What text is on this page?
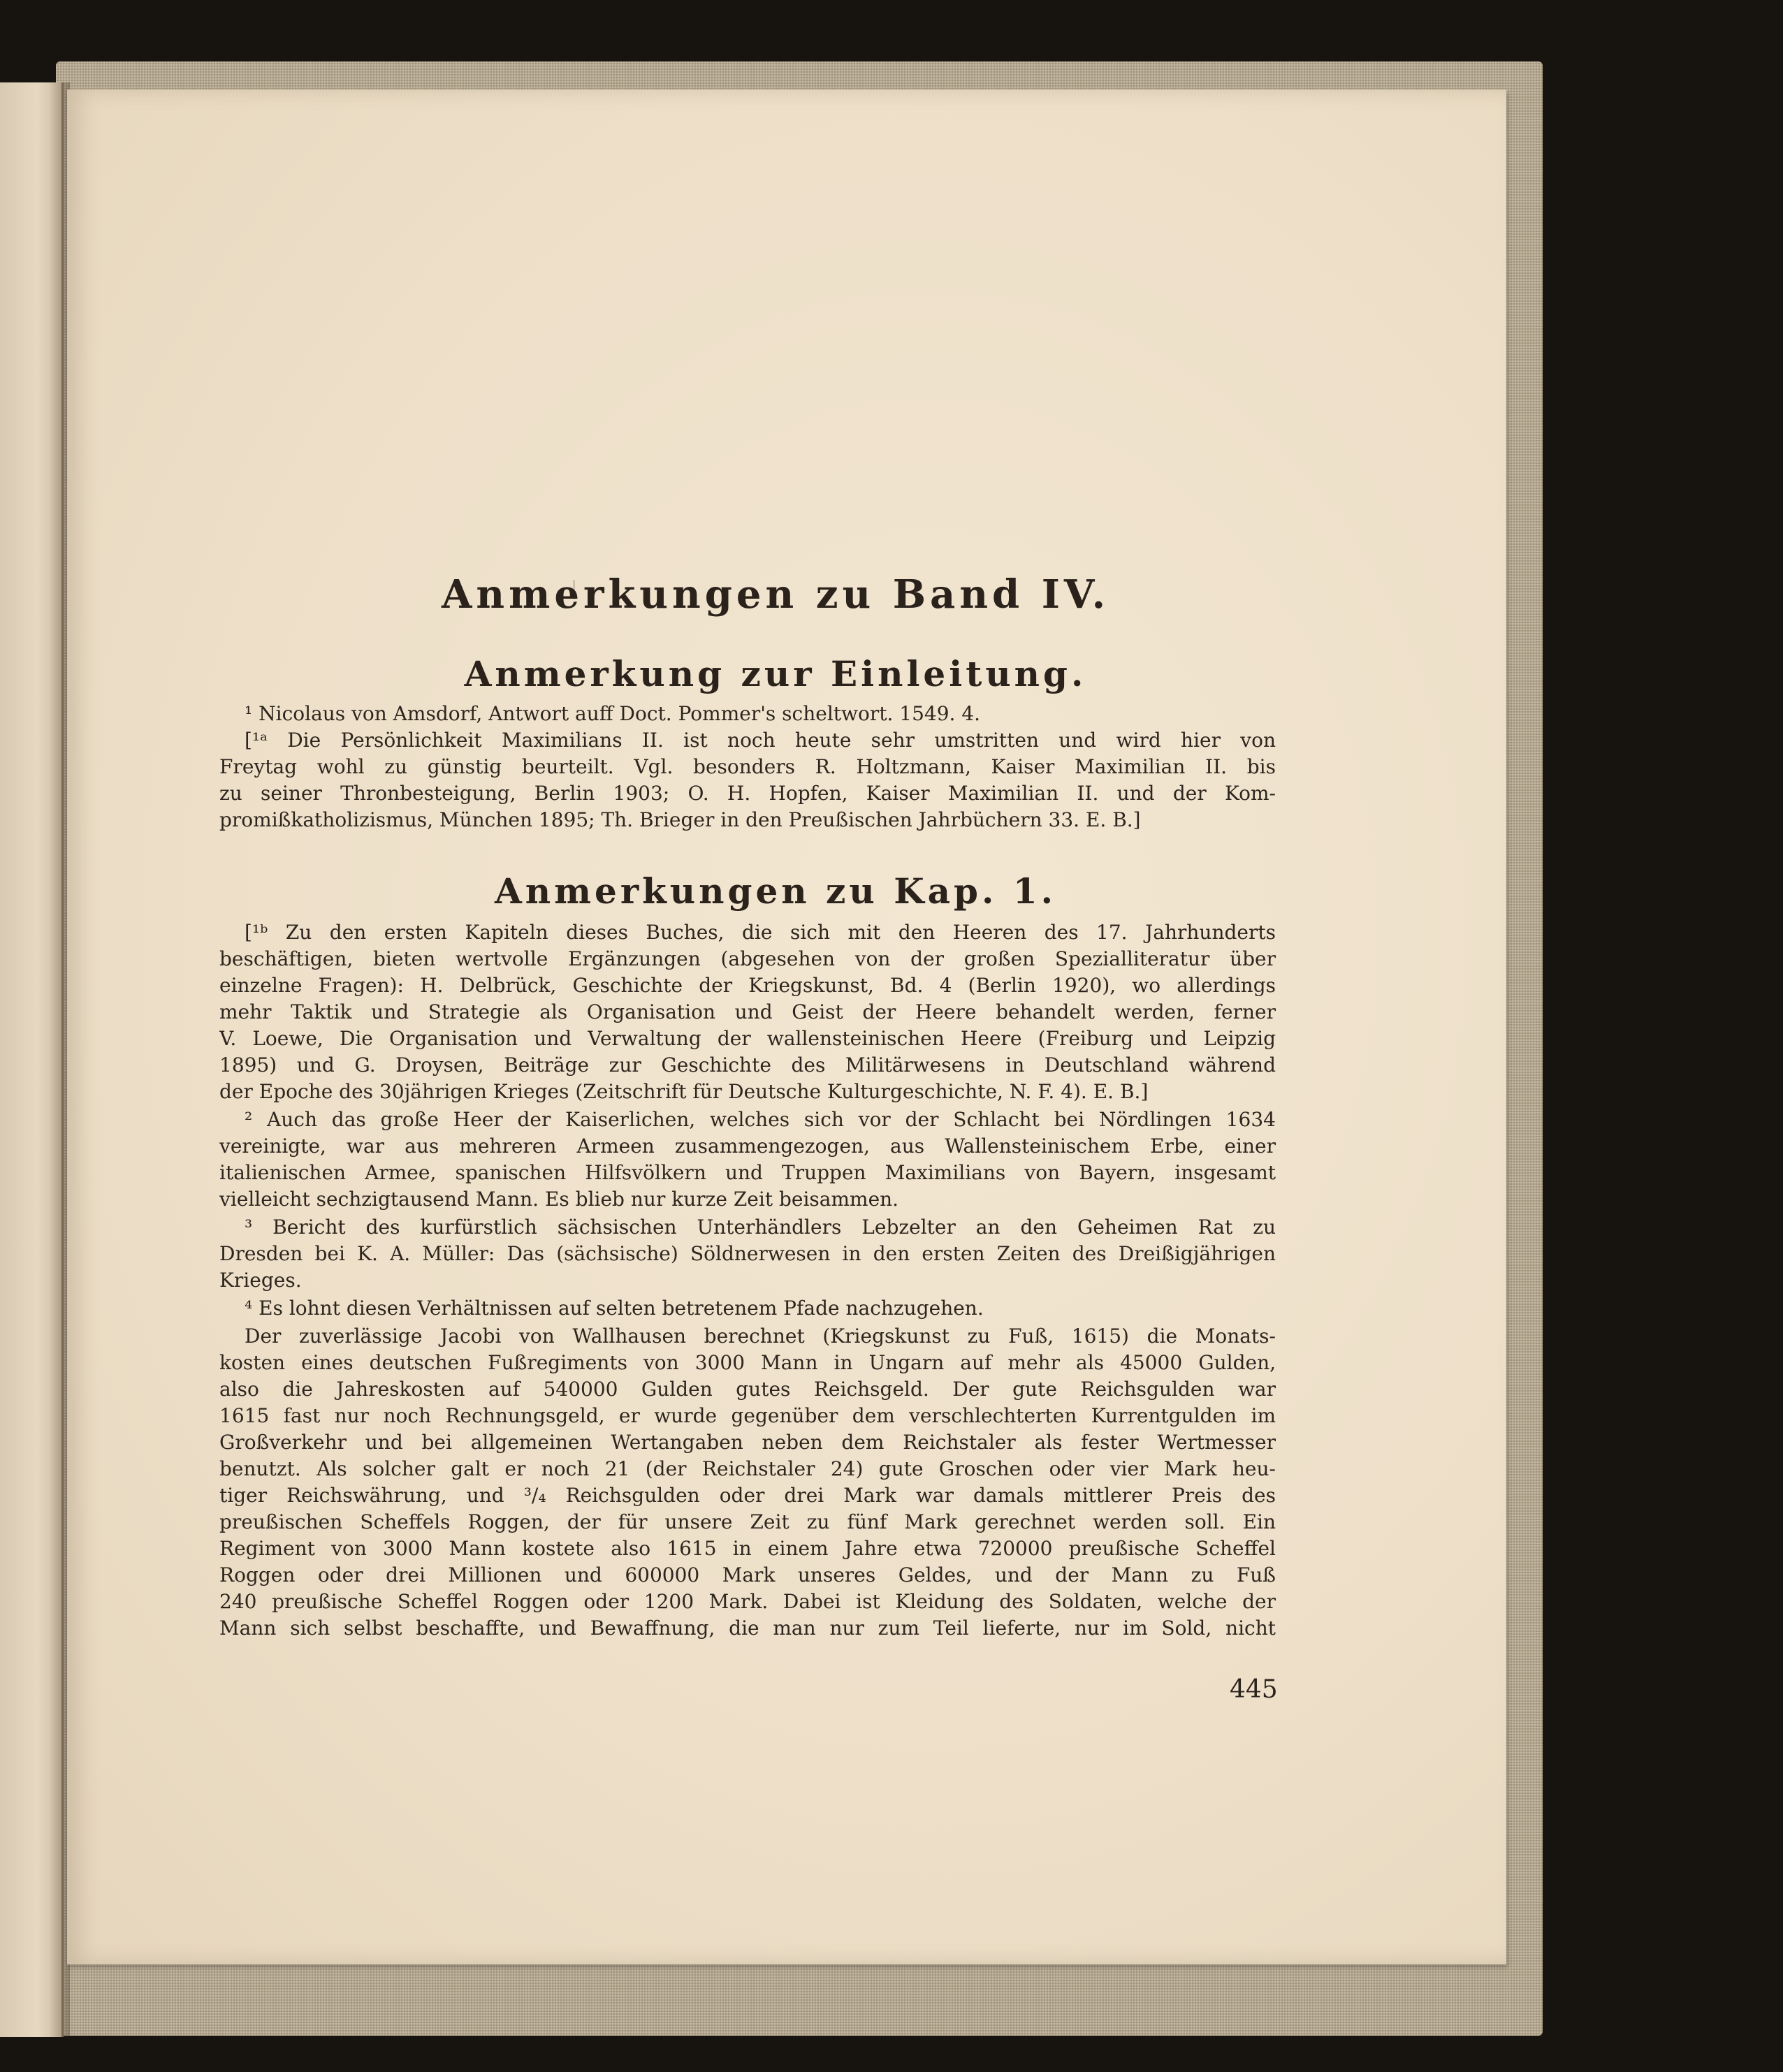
Anmerkungen zu Band IV.
Anmerkung zur Einleitung.
¹ Nicolaus von Amsdorf, Antwort auff Doct. Pommer's scheltwort. 1549. 4.
[¹ᵃ Die Persönlichkeit Maximilians II. ist noch heute sehr umstritten und wird hier von
Freytag wohl zu günstig beurteilt. Vgl. besonders R. Holtzmann, Kaiser Maximilian II. bis
zu seiner Thronbesteigung, Berlin 1903; O. H. Hopfen, Kaiser Maximilian II. und der Kom-
promißkatholizismus, München 1895; Th. Brieger in den Preußischen Jahrbüchern 33. E. B.]
Anmerkungen zu Kap. 1.
[¹ᵇ Zu den ersten Kapiteln dieses Buches, die sich mit den Heeren des 17. Jahrhunderts
beschäftigen, bieten wertvolle Ergänzungen (abgesehen von der großen Spezialliteratur über
einzelne Fragen): H. Delbrück, Geschichte der Kriegskunst, Bd. 4 (Berlin 1920), wo allerdings
mehr Taktik und Strategie als Organisation und Geist der Heere behandelt werden, ferner
V. Loewe, Die Organisation und Verwaltung der wallensteinischen Heere (Freiburg und Leipzig
1895) und G. Droysen, Beiträge zur Geschichte des Militärwesens in Deutschland während
der Epoche des 30jährigen Krieges (Zeitschrift für Deutsche Kulturgeschichte, N. F. 4). E. B.]
² Auch das große Heer der Kaiserlichen, welches sich vor der Schlacht bei Nördlingen 1634
vereinigte, war aus mehreren Armeen zusammengezogen, aus Wallensteinischem Erbe, einer
italienischen Armee, spanischen Hilfsvölkern und Truppen Maximilians von Bayern, insgesamt
vielleicht sechzigtausend Mann. Es blieb nur kurze Zeit beisammen.
³ Bericht des kurfürstlich sächsischen Unterhändlers Lebzelter an den Geheimen Rat zu
Dresden bei K. A. Müller: Das (sächsische) Söldnerwesen in den ersten Zeiten des Dreißigjährigen
Krieges.
⁴ Es lohnt diesen Verhältnissen auf selten betretenem Pfade nachzugehen.
Der zuverlässige Jacobi von Wallhausen berechnet (Kriegskunst zu Fuß, 1615) die Monats-
kosten eines deutschen Fußregiments von 3000 Mann in Ungarn auf mehr als 45000 Gulden,
also die Jahreskosten auf 540000 Gulden gutes Reichsgeld. Der gute Reichsgulden war
1615 fast nur noch Rechnungsgeld, er wurde gegenüber dem verschlechterten Kurrentgulden im
Großverkehr und bei allgemeinen Wertangaben neben dem Reichstaler als fester Wertmesser
benutzt. Als solcher galt er noch 21 (der Reichstaler 24) gute Groschen oder vier Mark heu-
tiger Reichswährung, und ³/₄ Reichsgulden oder drei Mark war damals mittlerer Preis des
preußischen Scheffels Roggen, der für unsere Zeit zu fünf Mark gerechnet werden soll. Ein
Regiment von 3000 Mann kostete also 1615 in einem Jahre etwa 720000 preußische Scheffel
Roggen oder drei Millionen und 600000 Mark unseres Geldes, und der Mann zu Fuß
240 preußische Scheffel Roggen oder 1200 Mark. Dabei ist Kleidung des Soldaten, welche der
Mann sich selbst beschaffte, und Bewaffnung, die man nur zum Teil lieferte, nur im Sold, nicht
445
